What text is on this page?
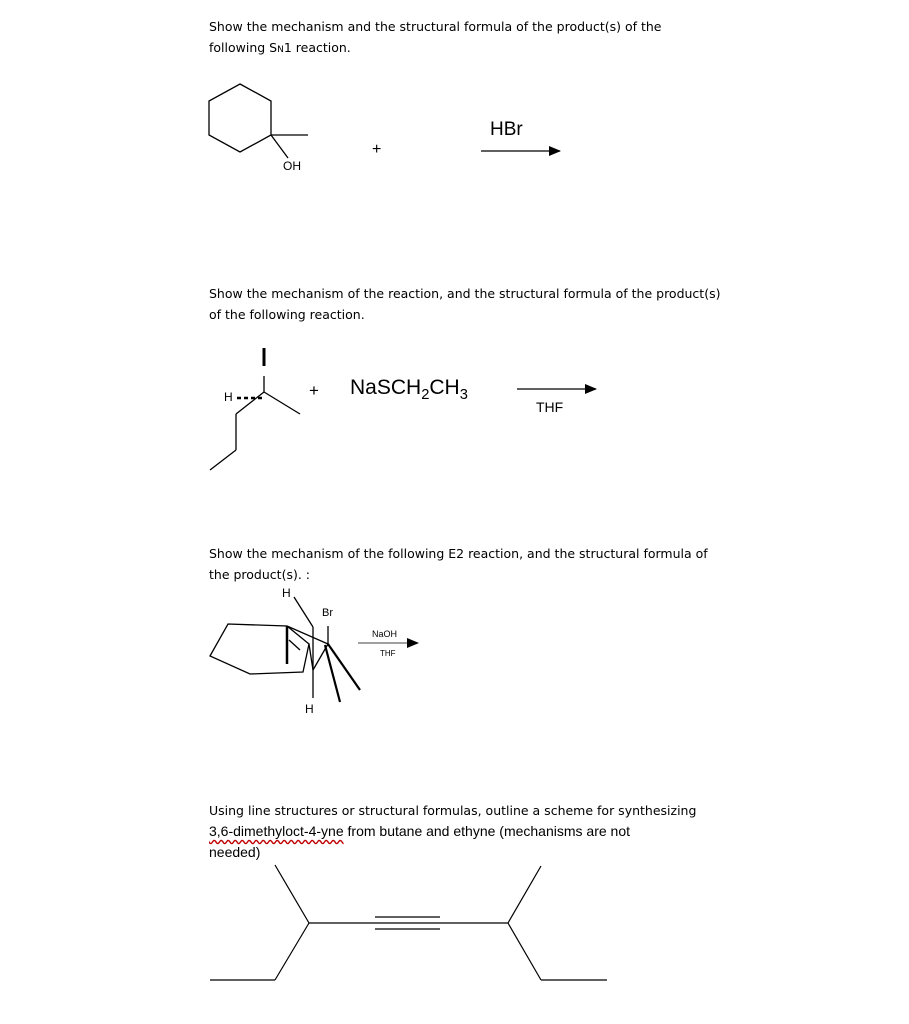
Show the mechanism and the structural formula of the product(s) of the
following SN1 reaction.
OH
+
HBr
Show the mechanism of the reaction, and the structural formula of the product(s)
of the following reaction.
H	+ $NaSCH_2CH_3$
THF
Show the mechanism of the following E2 reaction, and the structural formula of
the product(s). :
H
Br
H
NaOH
THF
Using line structures or structural formulas, outline a scheme for synthesizing
3,6-dimethyloct-4-yne from butane and ethyne (mechanisms are not
needed)
